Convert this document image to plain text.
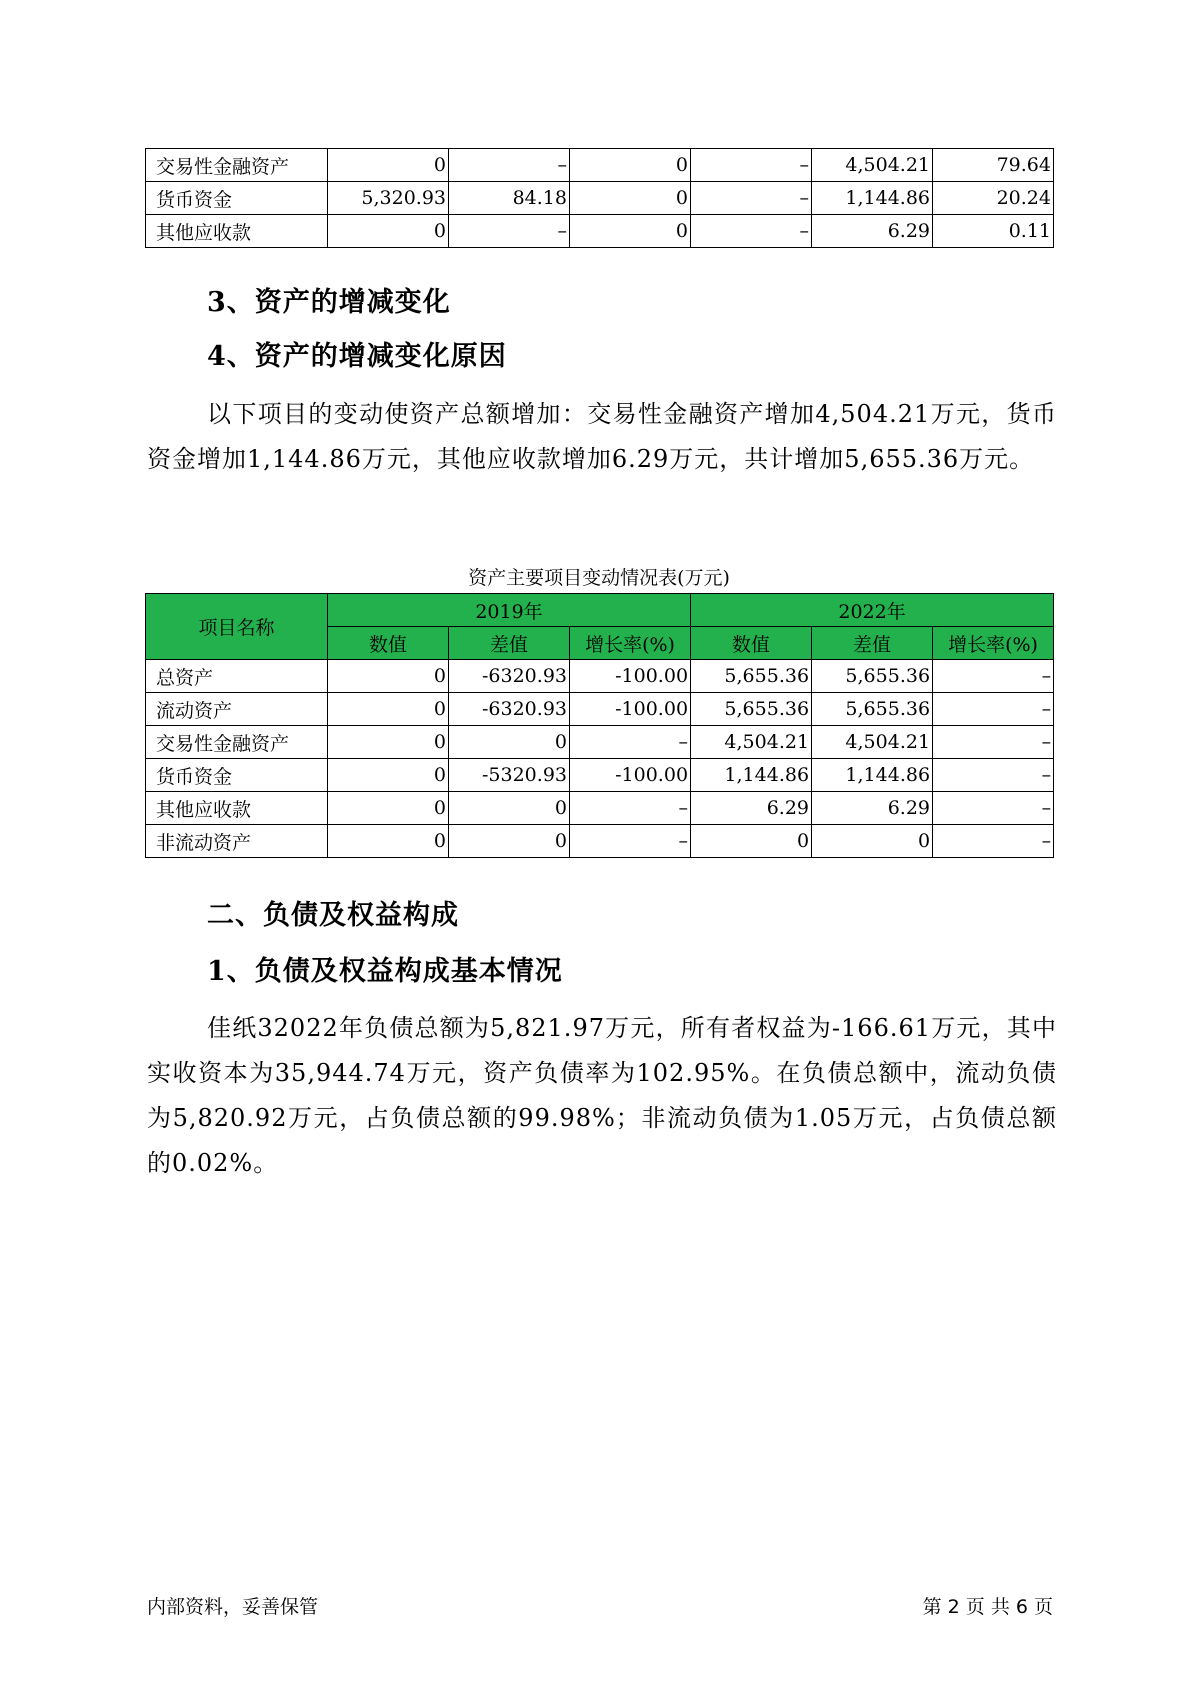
交易性金融资产	0	–	0	–	4,504.21	79.64
货币资金	5,320.93	84.18	0	–	1,144.86	20.24
其他应收款	0	–	0	–	6.29	0.11
3、资产的增减变化
4、资产的增减变化原因

以下项目的变动使资产总额增加：交易性金融资产增加4,504.21万元，货币资金增加1,144.86万元，其他应收款增加6.29万元，共计增加5,655.36万元。

资产主要项目变动情况表(万元)

项目名称	2019年			2022年		
	数值	差值	增长率(%)	数值	差值	增长率(%)
总资产	0	-6320.93	-100.00	5,655.36	5,655.36	–
流动资产	0	-6320.93	-100.00	5,655.36	5,655.36	–
交易性金融资产	0	0	–	4,504.21	4,504.21	–
货币资金	0	-5320.93	-100.00	1,144.86	1,144.86	–
其他应收款	0	0	–	6.29	6.29	–
非流动资产	0	0	–	0	0	–
二、负债及权益构成
1、负债及权益构成基本情况

佳纸32022年负债总额为5,821.97万元，所有者权益为-166.61万元，其中实收资本为35,944.74万元，资产负债率为102.95%。在负债总额中，流动负债为5,820.92万元，占负债总额的99.98%；非流动负债为1.05万元，占负债总额的0.02%。

内部资料，妥善保管	第 2 页 共 6 页
